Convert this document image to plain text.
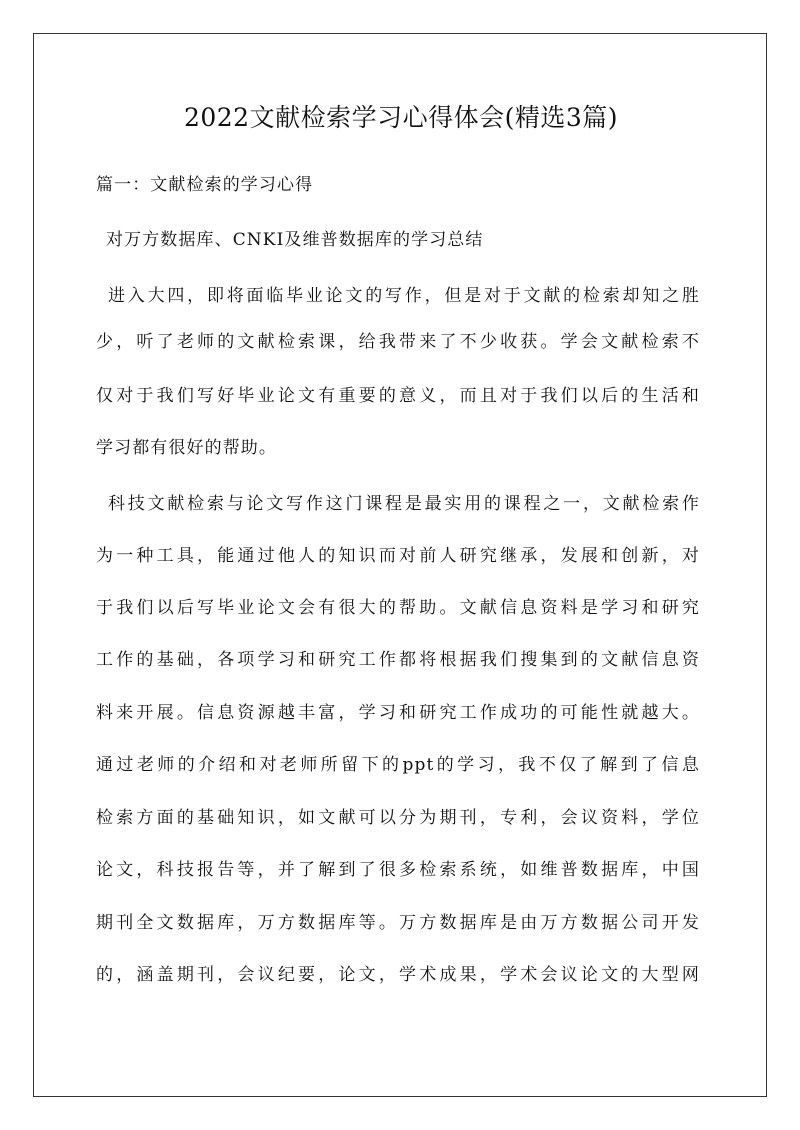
2022文献检索学习心得体会(精选3篇)
篇一：文献检索的学习心得
对万方数据库、CNKI及维普数据库的学习总结
进入大四，即将面临毕业论文的写作，但是对于文献的检索却知之胜
少，听了老师的文献检索课，给我带来了不少收获。学会文献检索不
仅对于我们写好毕业论文有重要的意义，而且对于我们以后的生活和
学习都有很好的帮助。
科技文献检索与论文写作这门课程是最实用的课程之一，文献检索作
为一种工具，能通过他人的知识而对前人研究继承，发展和创新，对
于我们以后写毕业论文会有很大的帮助。文献信息资料是学习和研究
工作的基础，各项学习和研究工作都将根据我们搜集到的文献信息资
料来开展。信息资源越丰富，学习和研究工作成功的可能性就越大。
通过老师的介绍和对老师所留下的ppt的学习，我不仅了解到了信息
检索方面的基础知识，如文献可以分为期刊，专利，会议资料，学位
论文，科技报告等，并了解到了很多检索系统，如维普数据库，中国
期刊全文数据库，万方数据库等。万方数据库是由万方数据公司开发
的，涵盖期刊，会议纪要，论文，学术成果，学术会议论文的大型网
